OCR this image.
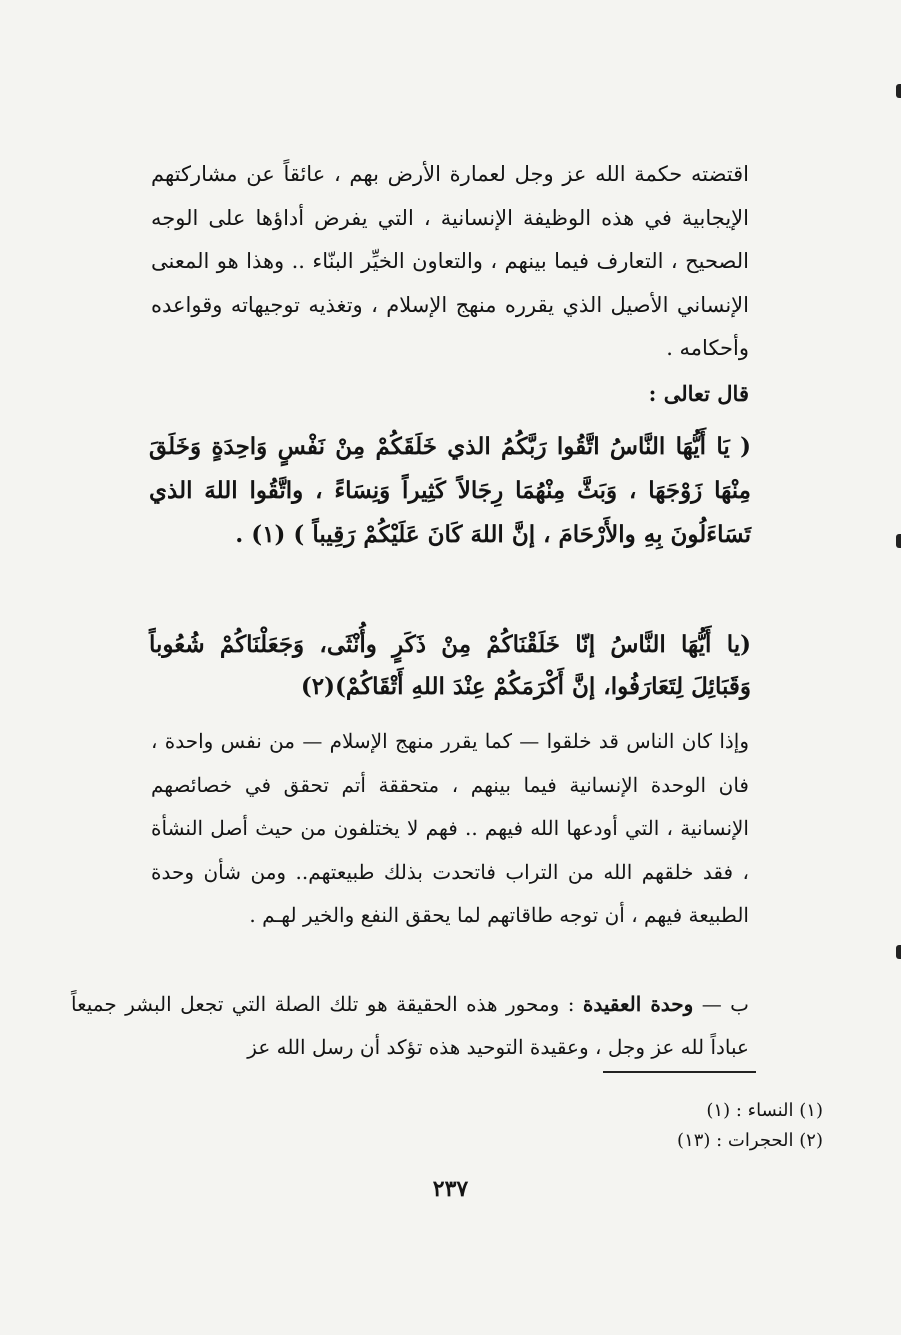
اقتضته حكمة الله عز وجل لعمارة الأرض بهم ، عائقاً عن مشاركتهم الإيجابية في هذه الوظيفة الإنسانية ، التي يفرض أداؤها على الوجه الصحيح ، التعارف فيما بينهم ، والتعاون الخيِّر البنّاء .. وهذا هو المعنى الإنساني الأصيل الذي يقرره منهج الإسلام ، وتغذيه توجيهاته وقواعده وأحكامه .

قال تعالى :

( يَا أَيُّهَا النَّاسُ اتَّقُوا رَبَّكُمُ الذي خَلَقَكُمْ مِنْ نَفْسٍ وَاحِدَةٍ وَخَلَقَ مِنْهَا زَوْجَهَا ، وَبَثَّ مِنْهُمَا رِجَالاً كَثِيراً وَنِسَاءً ، واتَّقُوا اللهَ الذي تَسَاءَلُونَ بِهِ والأَرْحَامَ ، إنَّ اللهَ كَانَ عَلَيْكُمْ رَقِيباً ) (١) .

(يا أَيُّهَا النَّاسُ إنّا خَلَقْنَاكُمْ مِنْ ذَكَرٍ وأُنْثَى، وَجَعَلْنَاكُمْ شُعُوباً وَقَبَائِلَ لِتَعَارَفُوا، إنَّ أَكْرَمَكُمْ عِنْدَ اللهِ أَتْقَاكُمْ)(٢)

وإذا كان الناس قد خلقوا — كما يقرر منهج الإسلام — من نفس واحدة ، فان الوحدة الإنسانية فيما بينهم ، متحققة أتم تحقق في خصائصهم الإنسانية ، التي أودعها الله فيهم .. فهم لا يختلفون من حيث أصل النشأة ، فقد خلقهم الله من التراب فاتحدت بذلك طبيعتهم.. ومن شأن وحدة الطبيعة فيهم ، أن توجه طاقاتهم لما يحقق النفع والخير لهـم .

ب — وحدة العقيدة : ومحور هذه الحقيقة هو تلك الصلة التي تجعل البشر جميعاً عباداً لله عز وجل ، وعقيدة التوحيد هذه تؤكد أن رسل الله عز

(١) النساء : (١)
(٢) الحجرات : (١٣)
٢٣٧
